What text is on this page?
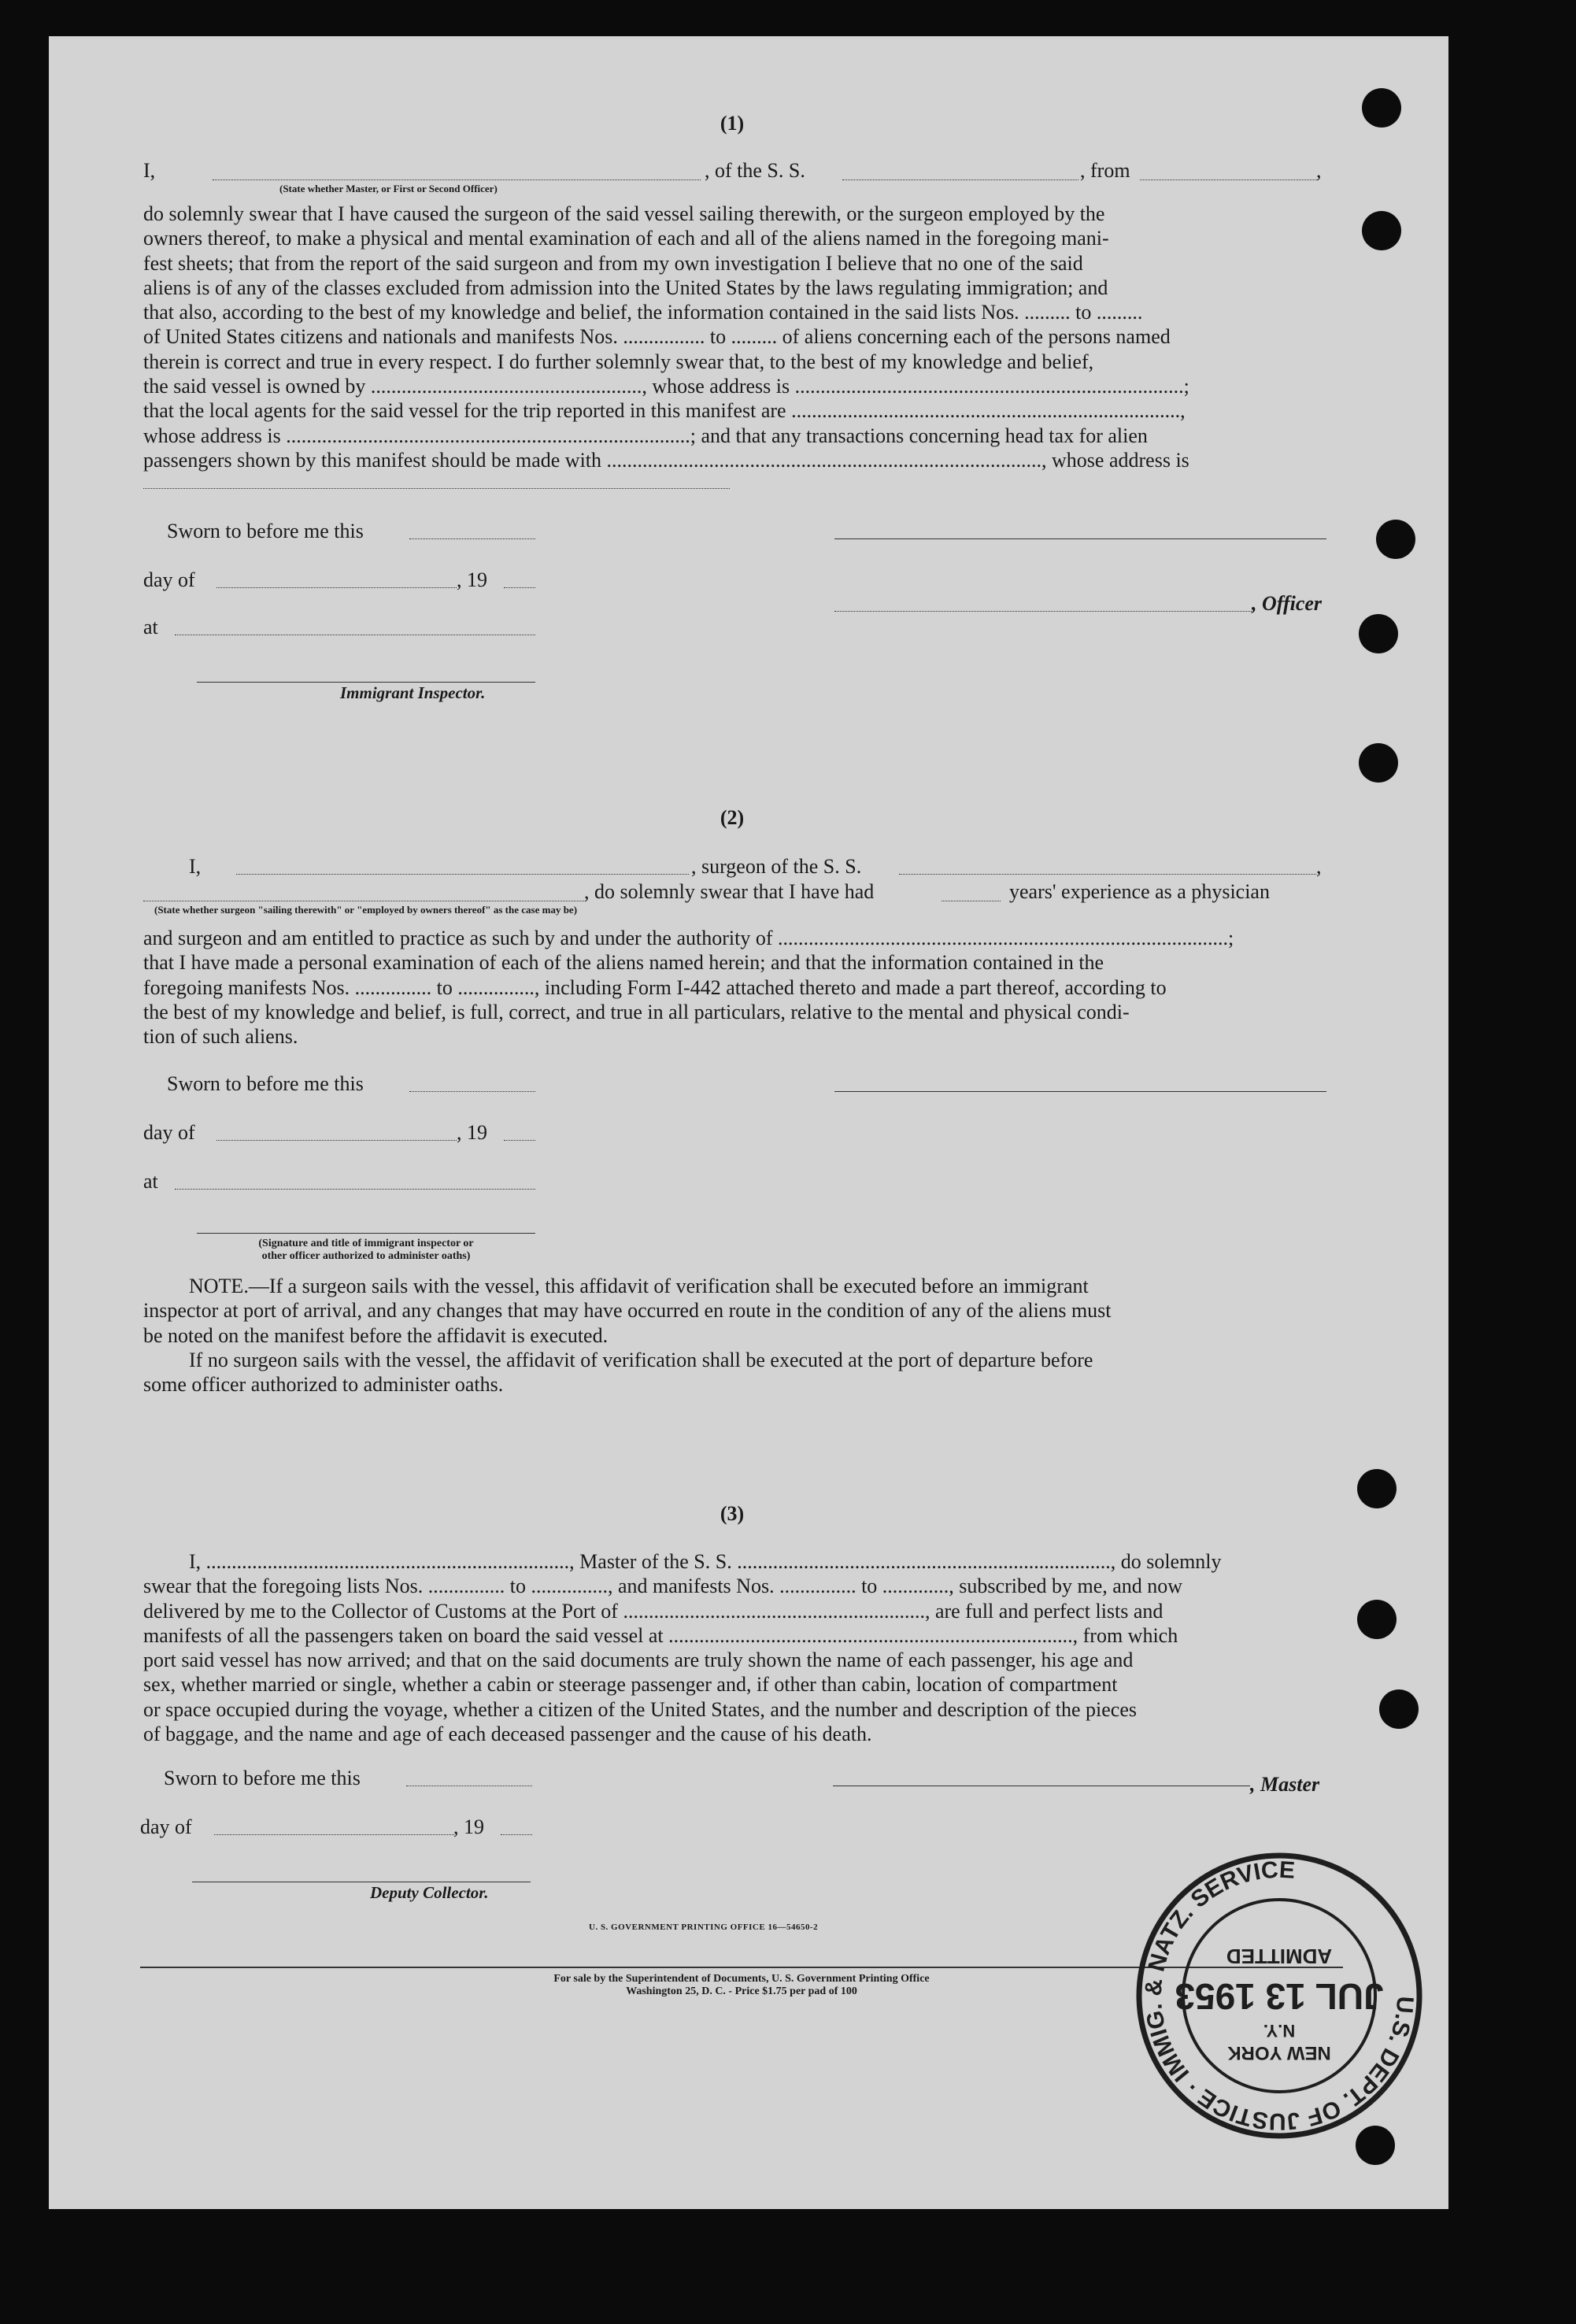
(1)
I,	, of the S. S.	, from	,
(State whether Master, or First or Second Officer)
do solemnly swear that I have caused the surgeon of the said vessel sailing therewith, or the surgeon employed by the
owners thereof, to make a physical and mental examination of each and all of the aliens named in the foregoing mani-
fest sheets; that from the report of the said surgeon and from my own investigation I believe that no one of the said
aliens is of any of the classes excluded from admission into the United States by the laws regulating immigration; and
that also, according to the best of my knowledge and belief, the information contained in the said lists Nos. ......... to .........
of United States citizens and nationals and manifests Nos. ................ to ......... of aliens concerning each of the persons named
therein is correct and true in every respect. I do further solemnly swear that, to the best of my knowledge and belief,
the said vessel is owned by ....................................................., whose address is ............................................................................;
that the local agents for the said vessel for the trip reported in this manifest are ............................................................................,
whose address is ...............................................................................; and that any transactions concerning head tax for alien
passengers shown by this manifest should be made with ....................................................................................., whose address is
Sworn to before me this
day of	, 19
, Officer
at
Immigrant Inspector.
(2)
I,	, surgeon of the S. S.	,
, do solemnly swear that I have had	years' experience as a physician
(State whether surgeon "sailing therewith" or "employed by owners thereof" as the case may be)
and surgeon and am entitled to practice as such by and under the authority of ........................................................................................;
that I have made a personal examination of each of the aliens named herein; and that the information contained in the
foregoing manifests Nos. ............... to ..............., including Form I-442 attached thereto and made a part thereof, according to
the best of my knowledge and belief, is full, correct, and true in all particulars, relative to the mental and physical condi-
tion of such aliens.
Sworn to before me this
day of	, 19
at
(Signature and title of immigrant inspector or
other officer authorized to administer oaths)
NOTE.—If a surgeon sails with the vessel, this affidavit of verification shall be executed before an immigrant
inspector at port of arrival, and any changes that may have occurred en route in the condition of any of the aliens must
be noted on the manifest before the affidavit is executed.
If no surgeon sails with the vessel, the affidavit of verification shall be executed at the port of departure before
some officer authorized to administer oaths.
(3)
I, ......................................................................., Master of the S. S. ........................................................................., do solemnly
swear that the foregoing lists Nos. ............... to ..............., and manifests Nos. ............... to ............., subscribed by me, and now
delivered by me to the Collector of Customs at the Port of ..........................................................., are full and perfect lists and
manifests of all the passengers taken on board the said vessel at ..............................................................................., from which
port said vessel has now arrived; and that on the said documents are truly shown the name of each passenger, his age and
sex, whether married or single, whether a cabin or steerage passenger and, if other than cabin, location of compartment
or space occupied during the voyage, whether a citizen of the United States, and the number and description of the pieces
of baggage, and the name and age of each deceased passenger and the cause of his death.
Sworn to before me this	, Master
day of	, 19
Deputy Collector.
U. S. GOVERNMENT PRINTING OFFICE 16—54650-2
For sale by the Superintendent of Documents, U. S. Government Printing Office
Washington 25, D. C. - Price $1.75 per pad of 100
U.S. DEPT. OF JUSTICE · IMMIG. & NATZ. SERVICE
NEW YORK
N.Y.
JUL 13 1953
ADMITTED
